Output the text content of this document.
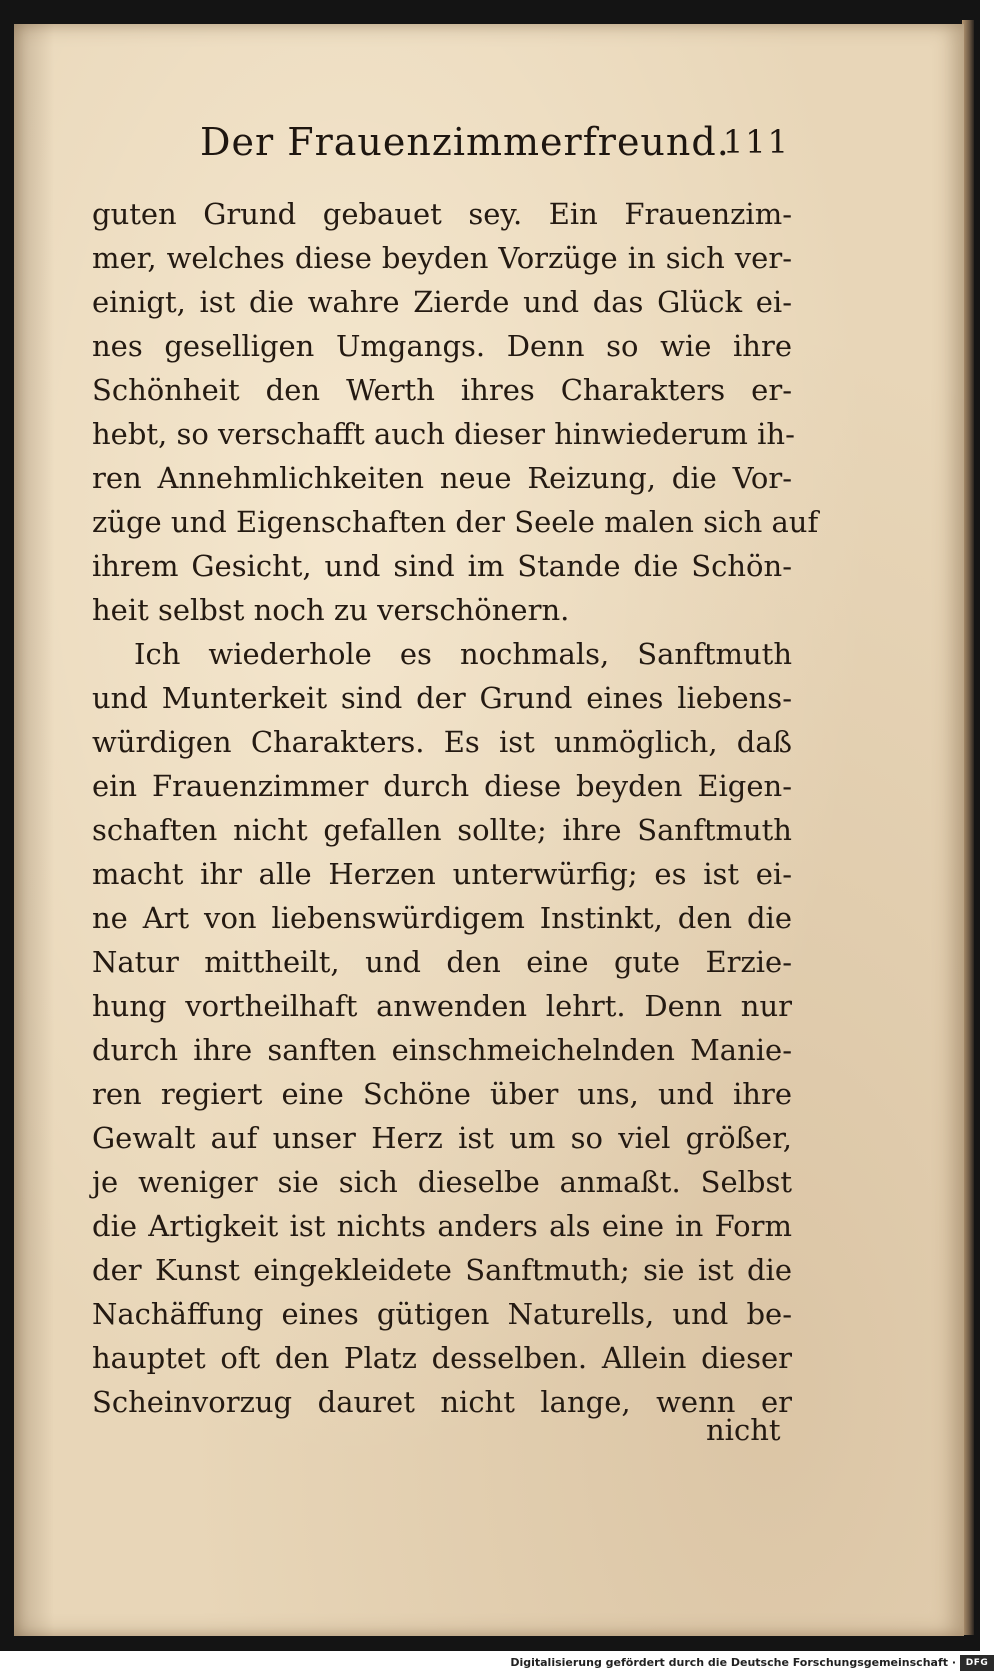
Der Frauenzimmerfreund.
111
guten Grund gebauet sey. Ein Frauenzim-
mer, welches diese beyden Vorzüge in sich ver-
einigt, ist die wahre Zierde und das Glück ei-
nes geselligen Umgangs. Denn so wie ihre
Schönheit den Werth ihres Charakters er-
hebt, so verschafft auch dieser hinwiederum ih-
ren Annehmlichkeiten neue Reizung, die Vor-
züge und Eigenschaften der Seele malen sich auf
ihrem Gesicht, und sind im Stande die Schön-
heit selbst noch zu verschönern.
Ich wiederhole es nochmals, Sanftmuth
und Munterkeit sind der Grund eines liebens-
würdigen Charakters. Es ist unmöglich, daß
ein Frauenzimmer durch diese beyden Eigen-
schaften nicht gefallen sollte; ihre Sanftmuth
macht ihr alle Herzen unterwürfig; es ist ei-
ne Art von liebenswürdigem Instinkt, den die
Natur mittheilt, und den eine gute Erzie-
hung vortheilhaft anwenden lehrt. Denn nur
durch ihre sanften einschmeichelnden Manie-
ren regiert eine Schöne über uns, und ihre
Gewalt auf unser Herz ist um so viel größer,
je weniger sie sich dieselbe anmaßt. Selbst
die Artigkeit ist nichts anders als eine in Form
der Kunst eingekleidete Sanftmuth; sie ist die
Nachäffung eines gütigen Naturells, und be-
hauptet oft den Platz desselben. Allein dieser
Scheinvorzug dauret nicht lange, wenn er
nicht
Digitalisierung gefördert durch die Deutsche Forschungsgemeinschaft ·	DFG
